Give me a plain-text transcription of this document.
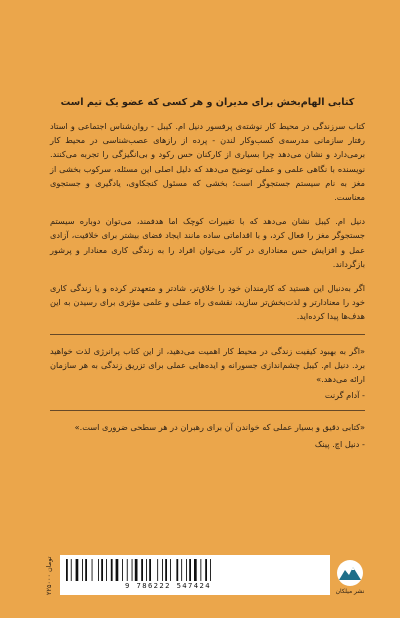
کتابی الهام‌بخش برای مدیران و هر کسی که عضو یک تیم است

کتاب سرزندگی در محیط کار نوشته‌ی پرفسور دنیل ام. کیبل - روان‌شناس اجتماعی و استاد رفتار سازمانی مدرسه‌ی کسب‌وکار لندن - پرده از رازهای عصب‌شناسی در محیط کار برمی‌دارد و نشان می‌دهد چرا بسیاری از کارکنان حس رکود و بی‌انگیزگی را تجربه می‌کنند. نویسنده با نگاهی علمی و عملی توضیح می‌دهد که دلیل اصلی این مسئله، سرکوب بخشی از مغز به نام سیستم جستجوگر است؛ بخشی که مسئول کنجکاوی، یادگیری و جستجوی معناست.

دنیل ام. کیبل نشان می‌دهد که با تغییرات کوچک اما هدفمند، می‌توان دوباره سیستم جستجوگر مغز را فعال کرد، و با اقداماتی ساده مانند ایجاد فضای بیشتر برای خلاقیت، آزادی عمل و افزایش حس معناداری در کار، می‌توان افراد را به زندگی کاری معنادار و پرشور بازگرداند.

اگر به‌دنبال این هستید که کارمندان خود را خلاق‌تر، شادتر و متعهدتر کرده و یا زندگی کاری خود را معنادارتر و لذت‌بخش‌تر سازید، نقشه‌ی راه عملی و علمی مؤثری برای رسیدن به این هدف‌ها پیدا کرده‌اید.

«اگر به بهبود کیفیت زندگی در محیط کار اهمیت می‌دهید، از این کتاب پرانرژی لذت خواهید برد. دنیل ام. کیبل چشم‌اندازی جسورانه و ایده‌هایی عملی برای تزریق زندگی به هر سازمان ارائه می‌دهد.»

- آدام گرنت

«کتابی دقیق و بسیار عملی که خواندن آن برای رهبران در هر سطحی ضروری است.»

- دنیل اچ. پینک

۲۲۵۰۰۰ تومان
9 786222 547424
نشر میلکان
